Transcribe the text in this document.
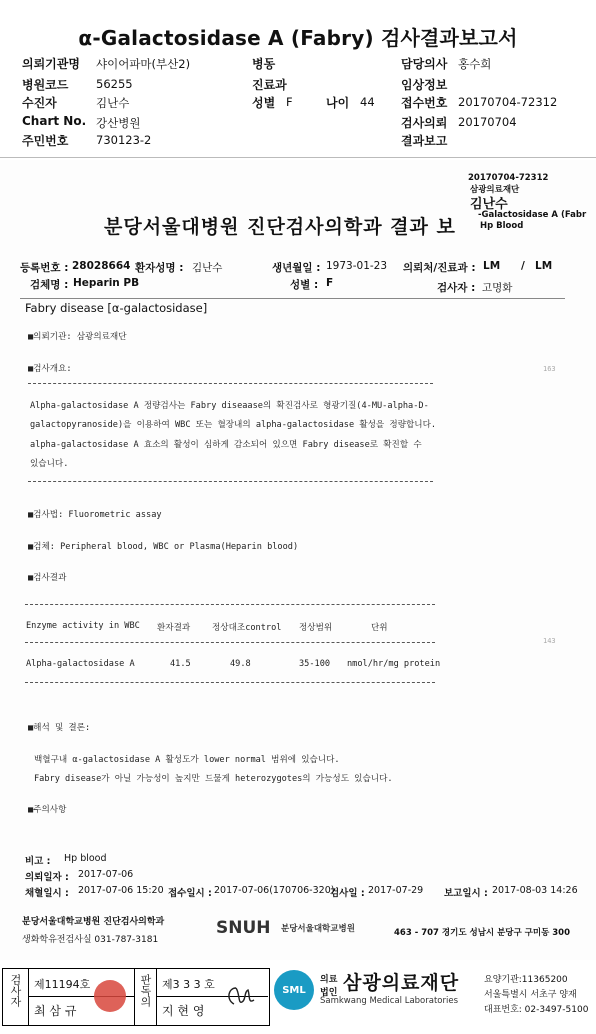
α-Galactosidase A (Fabry) 검사결과보고서
의뢰기관명 샤이어파마(부산2)	병동	담당의사 홍수희
병원코드 56255	진료과	임상정보
수진자	김난수	성별 F	나이 44 접수번호 20170704-72312
Chart No. 강산병원	검사의뢰 20170704
주민번호 730123-2	결과보고
20170704-72312
삼광의료재단
김난수
-Galactosidase A (Fabr
Hp Blood
분당서울대병원 진단검사의학과 결과 보
등록번호 : 28028664 환자성명 : 김난수	생년월일 : 1973-01-23 의뢰처/진료과 : LM / LM
검체명 : Heparin PB	성별 : F	검사자 : 고명화
Fabry disease [α-galactosidase]
■의뢰기관: 삼광의료재단
■검사개요:	163
Alpha-galactosidase A 정량검사는 Fabry diseaase의 확진검사로 형광기질(4-MU-alpha-D-
galactopyranoside)을 이용하여 WBC 또는 혈장내의 alpha-galactosidase 활성을 정량합니다.
alpha-galactosidase A 효소의 활성이 심하게 감소되어 있으면 Fabry disease로 확진할 수
있습니다.
■검사법: Fluorometric assay
■검체: Peripheral blood, WBC or Plasma(Heparin blood)
■검사결과
Enzyme activity in WBC 환자결과	정상대조control 정상범위	단위
143
Alpha-galactosidase A	41.5	49.8	35-100 nmol/hr/mg protein
■해석 및 결론:
백혈구내 α-galactosidase A 활성도가 lower normal 범위에 있습니다.
Fabry disease가 아닐 가능성이 높지만 드물게 heterozygotes의 가능성도 있습니다.
■주의사항
비고 : Hp blood
의뢰일자 : 2017-07-06
채혈일시 : 2017-07-06 15:20 접수일시 : 2017-07-06(170706-320)
검사일 : 2017-07-29 보고일시 : 2017-08-03 14:26
분당서울대학교병원 진단검사의학과
생화학유전검사실 031-787-3181
SNUH 분당서울대학교병원	463 - 707 경기도 성남시 분당구 구미동 300
검사자 제11194호
최 삼 규
판독의 제3 3 3 호
지 현 영
SML
의료
법인 삼광의료재단
Samkwang Medical Laboratories
요양기관:11365200
서울특별시 서초구 양재
대표번호: 02-3497-5100
